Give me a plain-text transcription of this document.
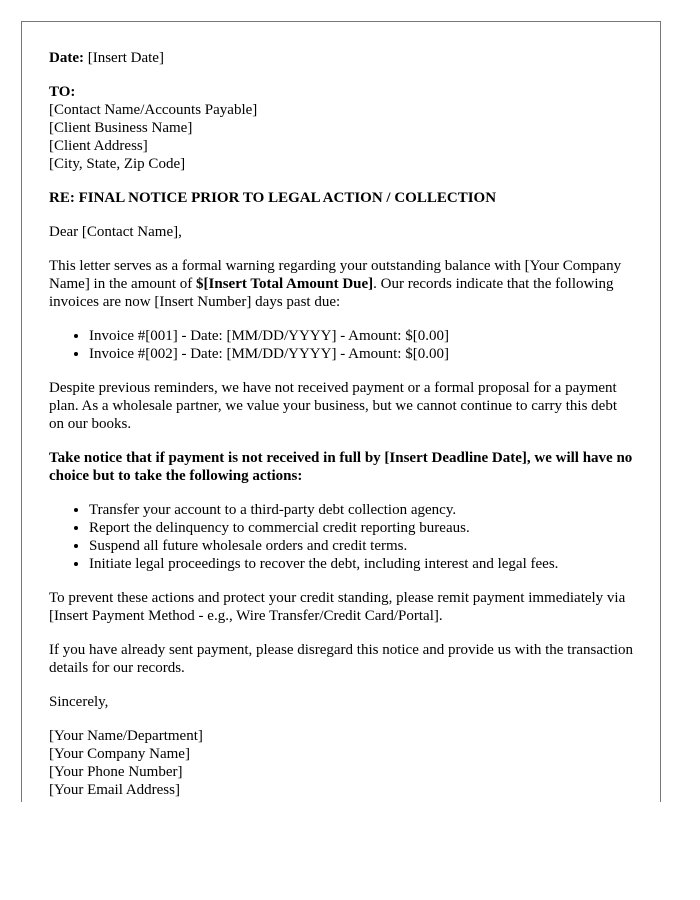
Date: [Insert Date]

TO:
[Contact Name/Accounts Payable]
[Client Business Name]
[Client Address]
[City, State, Zip Code]

RE: FINAL NOTICE PRIOR TO LEGAL ACTION / COLLECTION

Dear [Contact Name],

This letter serves as a formal warning regarding your outstanding balance with [Your Company Name] in the amount of $[Insert Total Amount Due]. Our records indicate that the following invoices are now [Insert Number] days past due:

• Invoice #[001] - Date: [MM/DD/YYYY] - Amount: $[0.00]
• Invoice #[002] - Date: [MM/DD/YYYY] - Amount: $[0.00]

Despite previous reminders, we have not received payment or a formal proposal for a payment plan. As a wholesale partner, we value your business, but we cannot continue to carry this debt on our books.

Take notice that if payment is not received in full by [Insert Deadline Date], we will have no choice but to take the following actions:

• Transfer your account to a third-party debt collection agency.
• Report the delinquency to commercial credit reporting bureaus.
• Suspend all future wholesale orders and credit terms.
• Initiate legal proceedings to recover the debt, including interest and legal fees.

To prevent these actions and protect your credit standing, please remit payment immediately via [Insert Payment Method - e.g., Wire Transfer/Credit Card/Portal].

If you have already sent payment, please disregard this notice and provide us with the transaction details for our records.

Sincerely,

[Your Name/Department]
[Your Company Name]
[Your Phone Number]
[Your Email Address]
